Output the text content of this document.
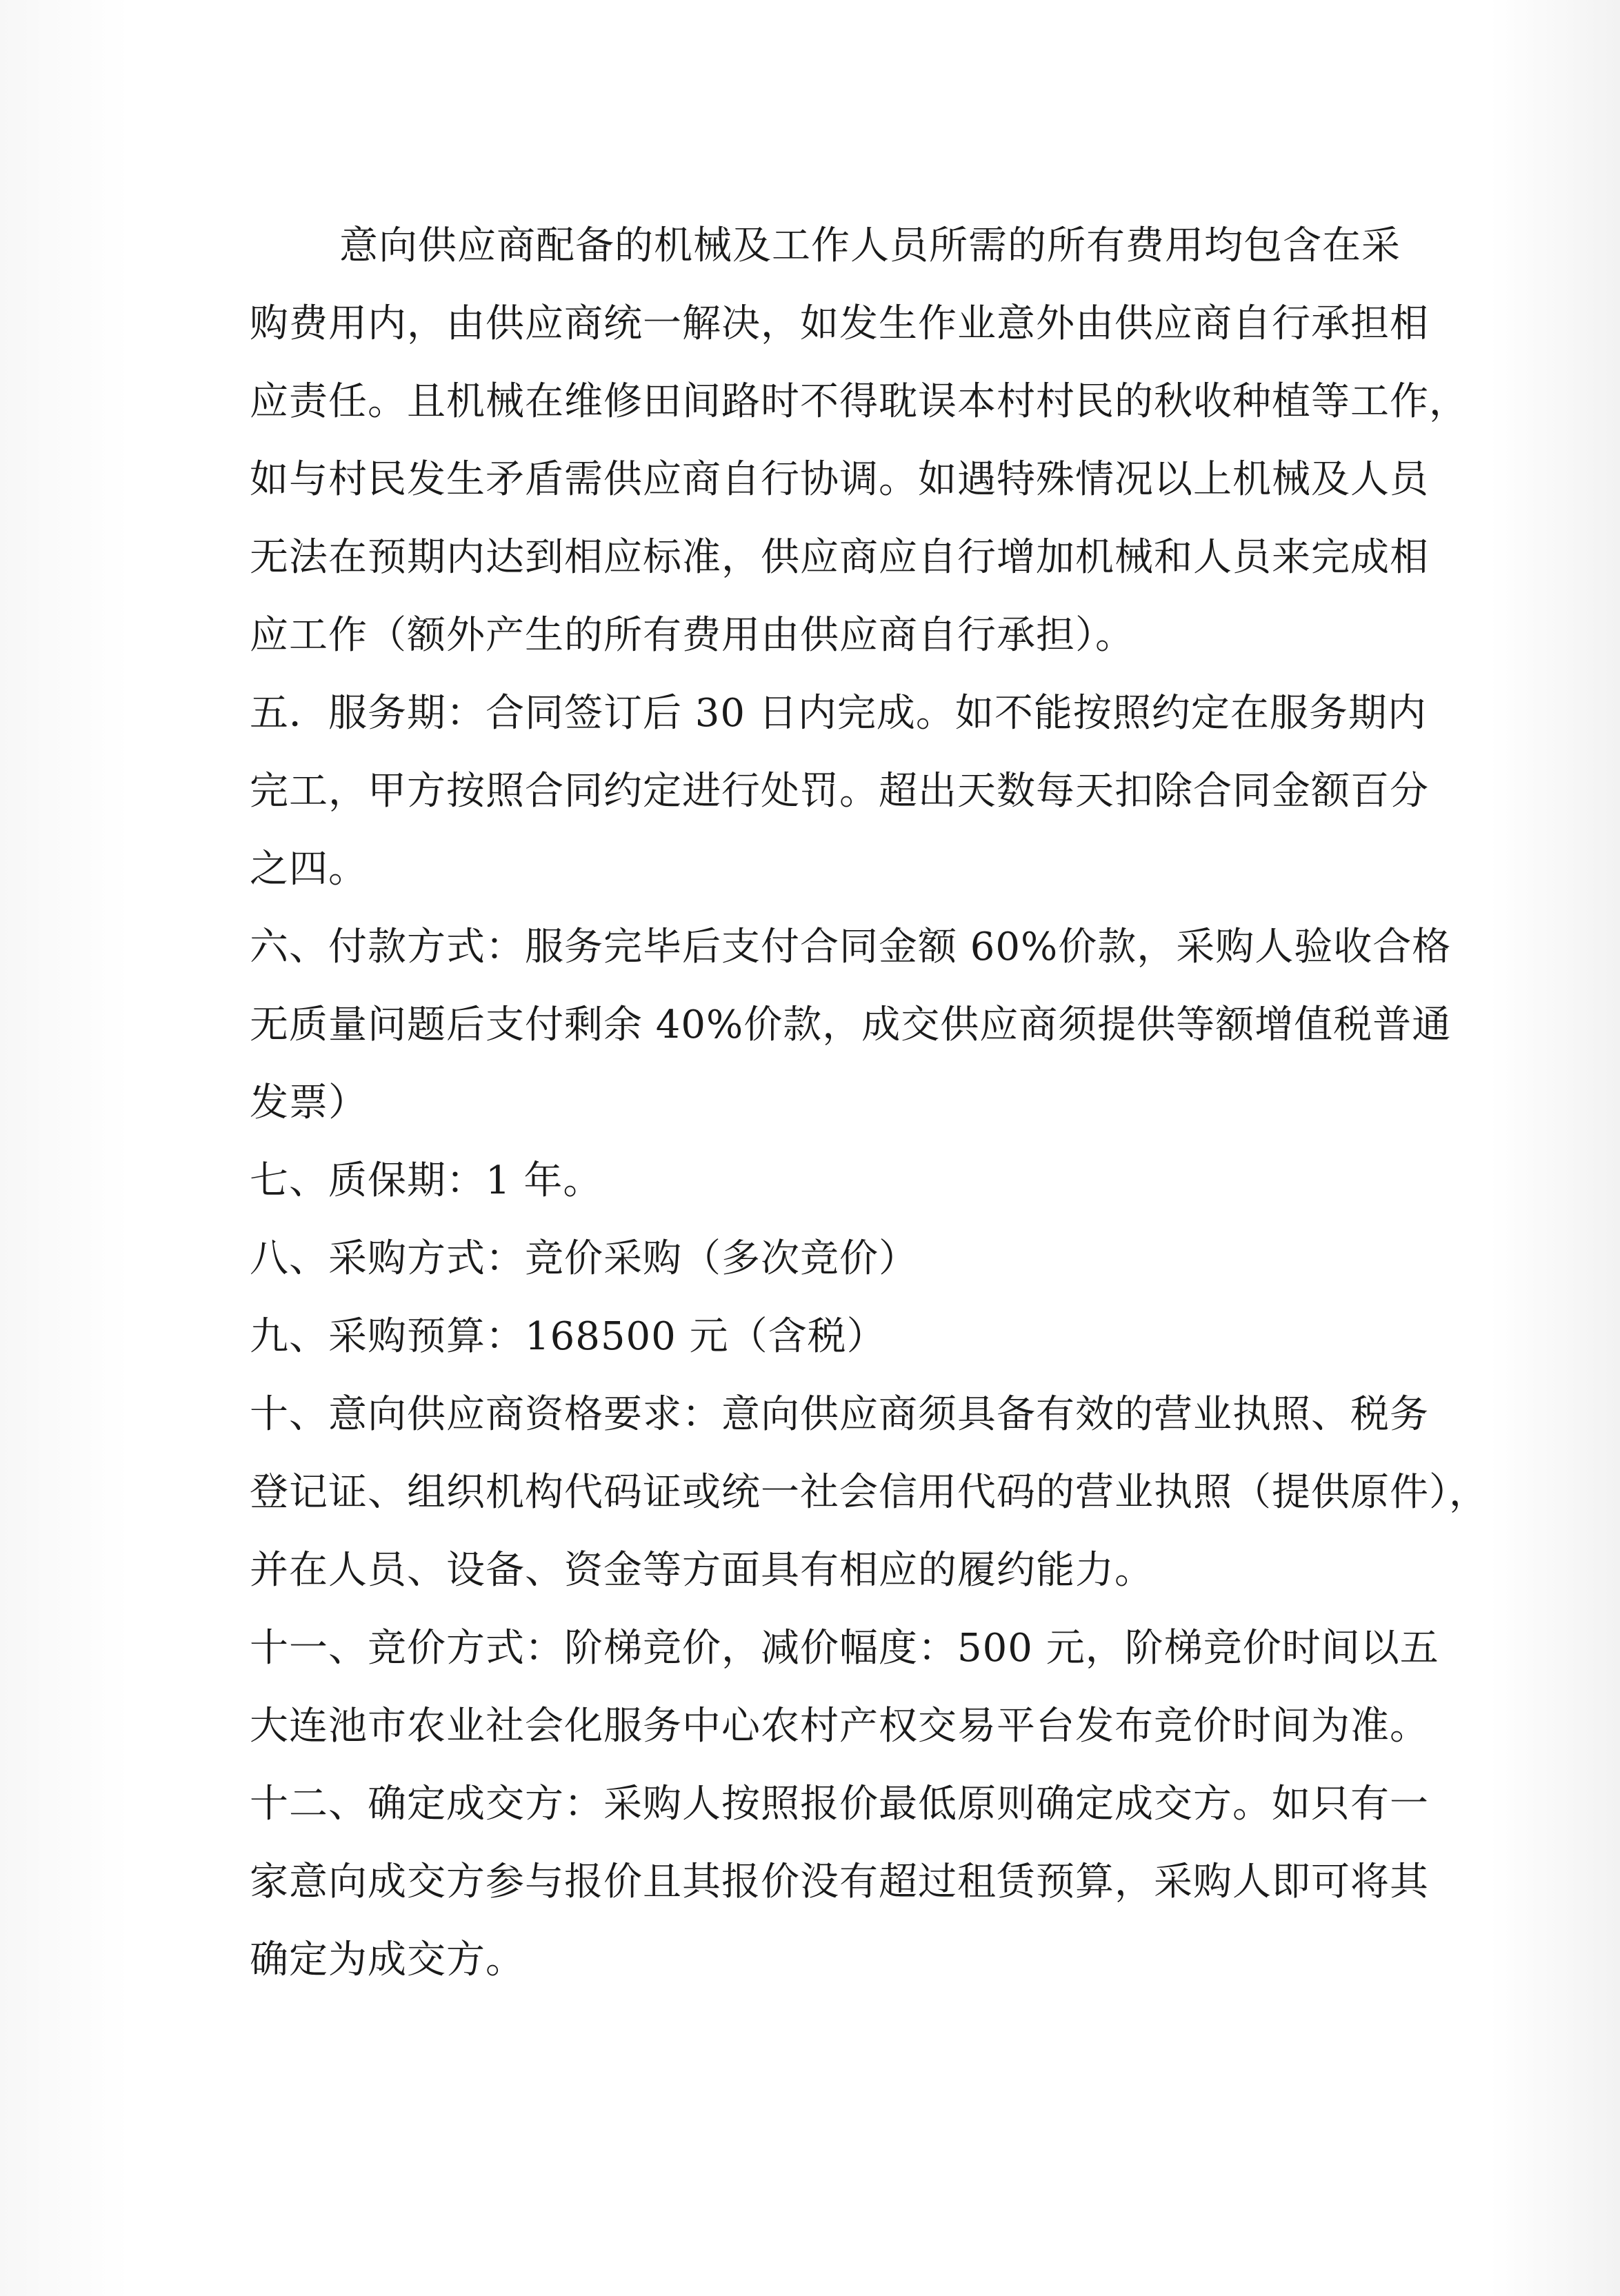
意向供应商配备的机械及工作人员所需的所有费用均包含在采
购费用内，由供应商统一解决，如发生作业意外由供应商自行承担相
应责任。且机械在维修田间路时不得耽误本村村民的秋收种植等工作，
如与村民发生矛盾需供应商自行协调。如遇特殊情况以上机械及人员
无法在预期内达到相应标准，供应商应自行增加机械和人员来完成相
应工作（额外产生的所有费用由供应商自行承担）。
五．服务期：合同签订后 30 日内完成。如不能按照约定在服务期内
完工，甲方按照合同约定进行处罚。超出天数每天扣除合同金额百分
之四。
六、付款方式：服务完毕后支付合同金额 60%价款，采购人验收合格
无质量问题后支付剩余 40%价款，成交供应商须提供等额增值税普通
发票）
七、质保期：1 年。
八、采购方式：竞价采购（多次竞价）
九、采购预算：168500 元（含税）
十、意向供应商资格要求：意向供应商须具备有效的营业执照、税务
登记证、组织机构代码证或统一社会信用代码的营业执照（提供原件），
并在人员、设备、资金等方面具有相应的履约能力。
十一、竞价方式：阶梯竞价，减价幅度：500 元，阶梯竞价时间以五
大连池市农业社会化服务中心农村产权交易平台发布竞价时间为准。
十二、确定成交方：采购人按照报价最低原则确定成交方。如只有一
家意向成交方参与报价且其报价没有超过租赁预算，采购人即可将其
确定为成交方。
